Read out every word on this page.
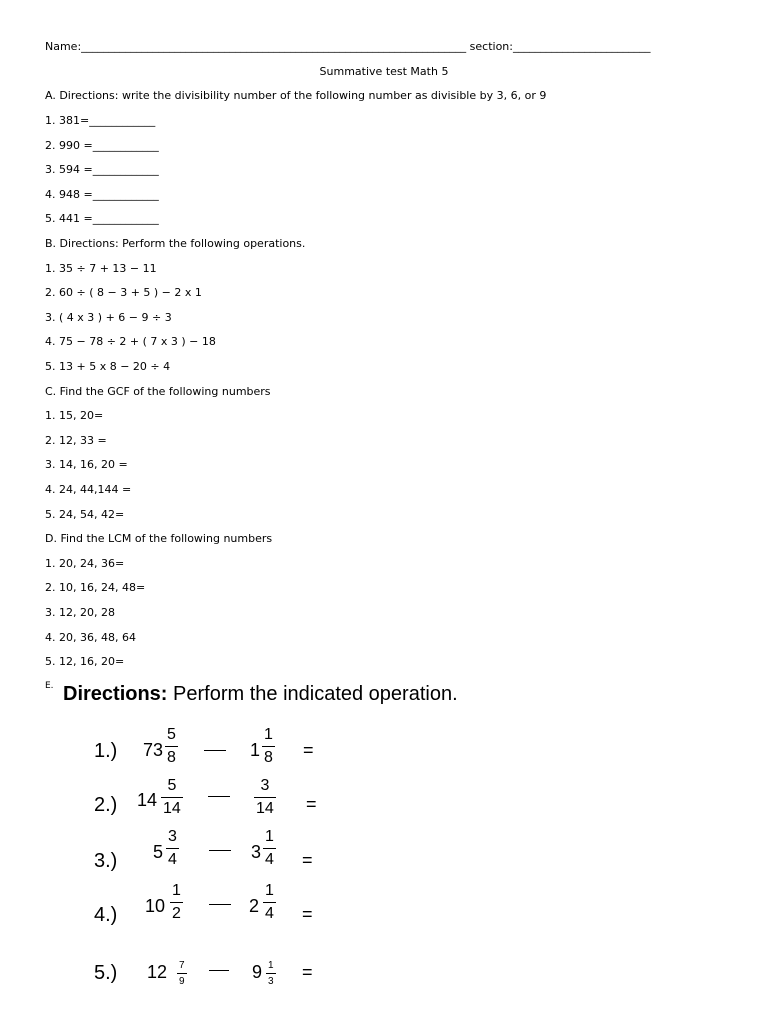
Name:______________________________________________________________________ section:_________________________
Summative test Math 5
A. Directions: write the divisibility number of the following number as divisible by 3, 6, or 9
1. 381=____________
2. 990 =____________
3. 594 =____________
4. 948 =____________
5. 441 =____________
B. Directions: Perform the following operations.
1. 35 ÷ 7 + 13 − 11
2. 60 ÷ ( 8 − 3 + 5 ) − 2 x 1
3. ( 4 x 3 ) + 6 − 9 ÷ 3
4. 75 − 78 ÷ 2 + ( 7 x 3 ) − 18
5. 13 + 5 x 8 − 20 ÷ 4
C. Find the GCF of the following numbers
1. 15, 20=
2. 12, 33 =
3. 14, 16, 20 =
4. 24, 44,144 =
5. 24, 54, 42=
D. Find the LCM of the following numbers
1. 20, 24, 36=
2. 10, 16, 24, 48=
3. 12, 20, 28
4. 20, 36, 48, 64
5. 12, 16, 20=
E. Directions: Perform the indicated operation.
1.) 73
5
8	1
1
8 =
2.) 14
5
14
3
14 =
3.) 5
3
4	3
1
4 =
4.) 10
1
2	2
1
4 =
5.) 12 7
9	9 1
3 =
